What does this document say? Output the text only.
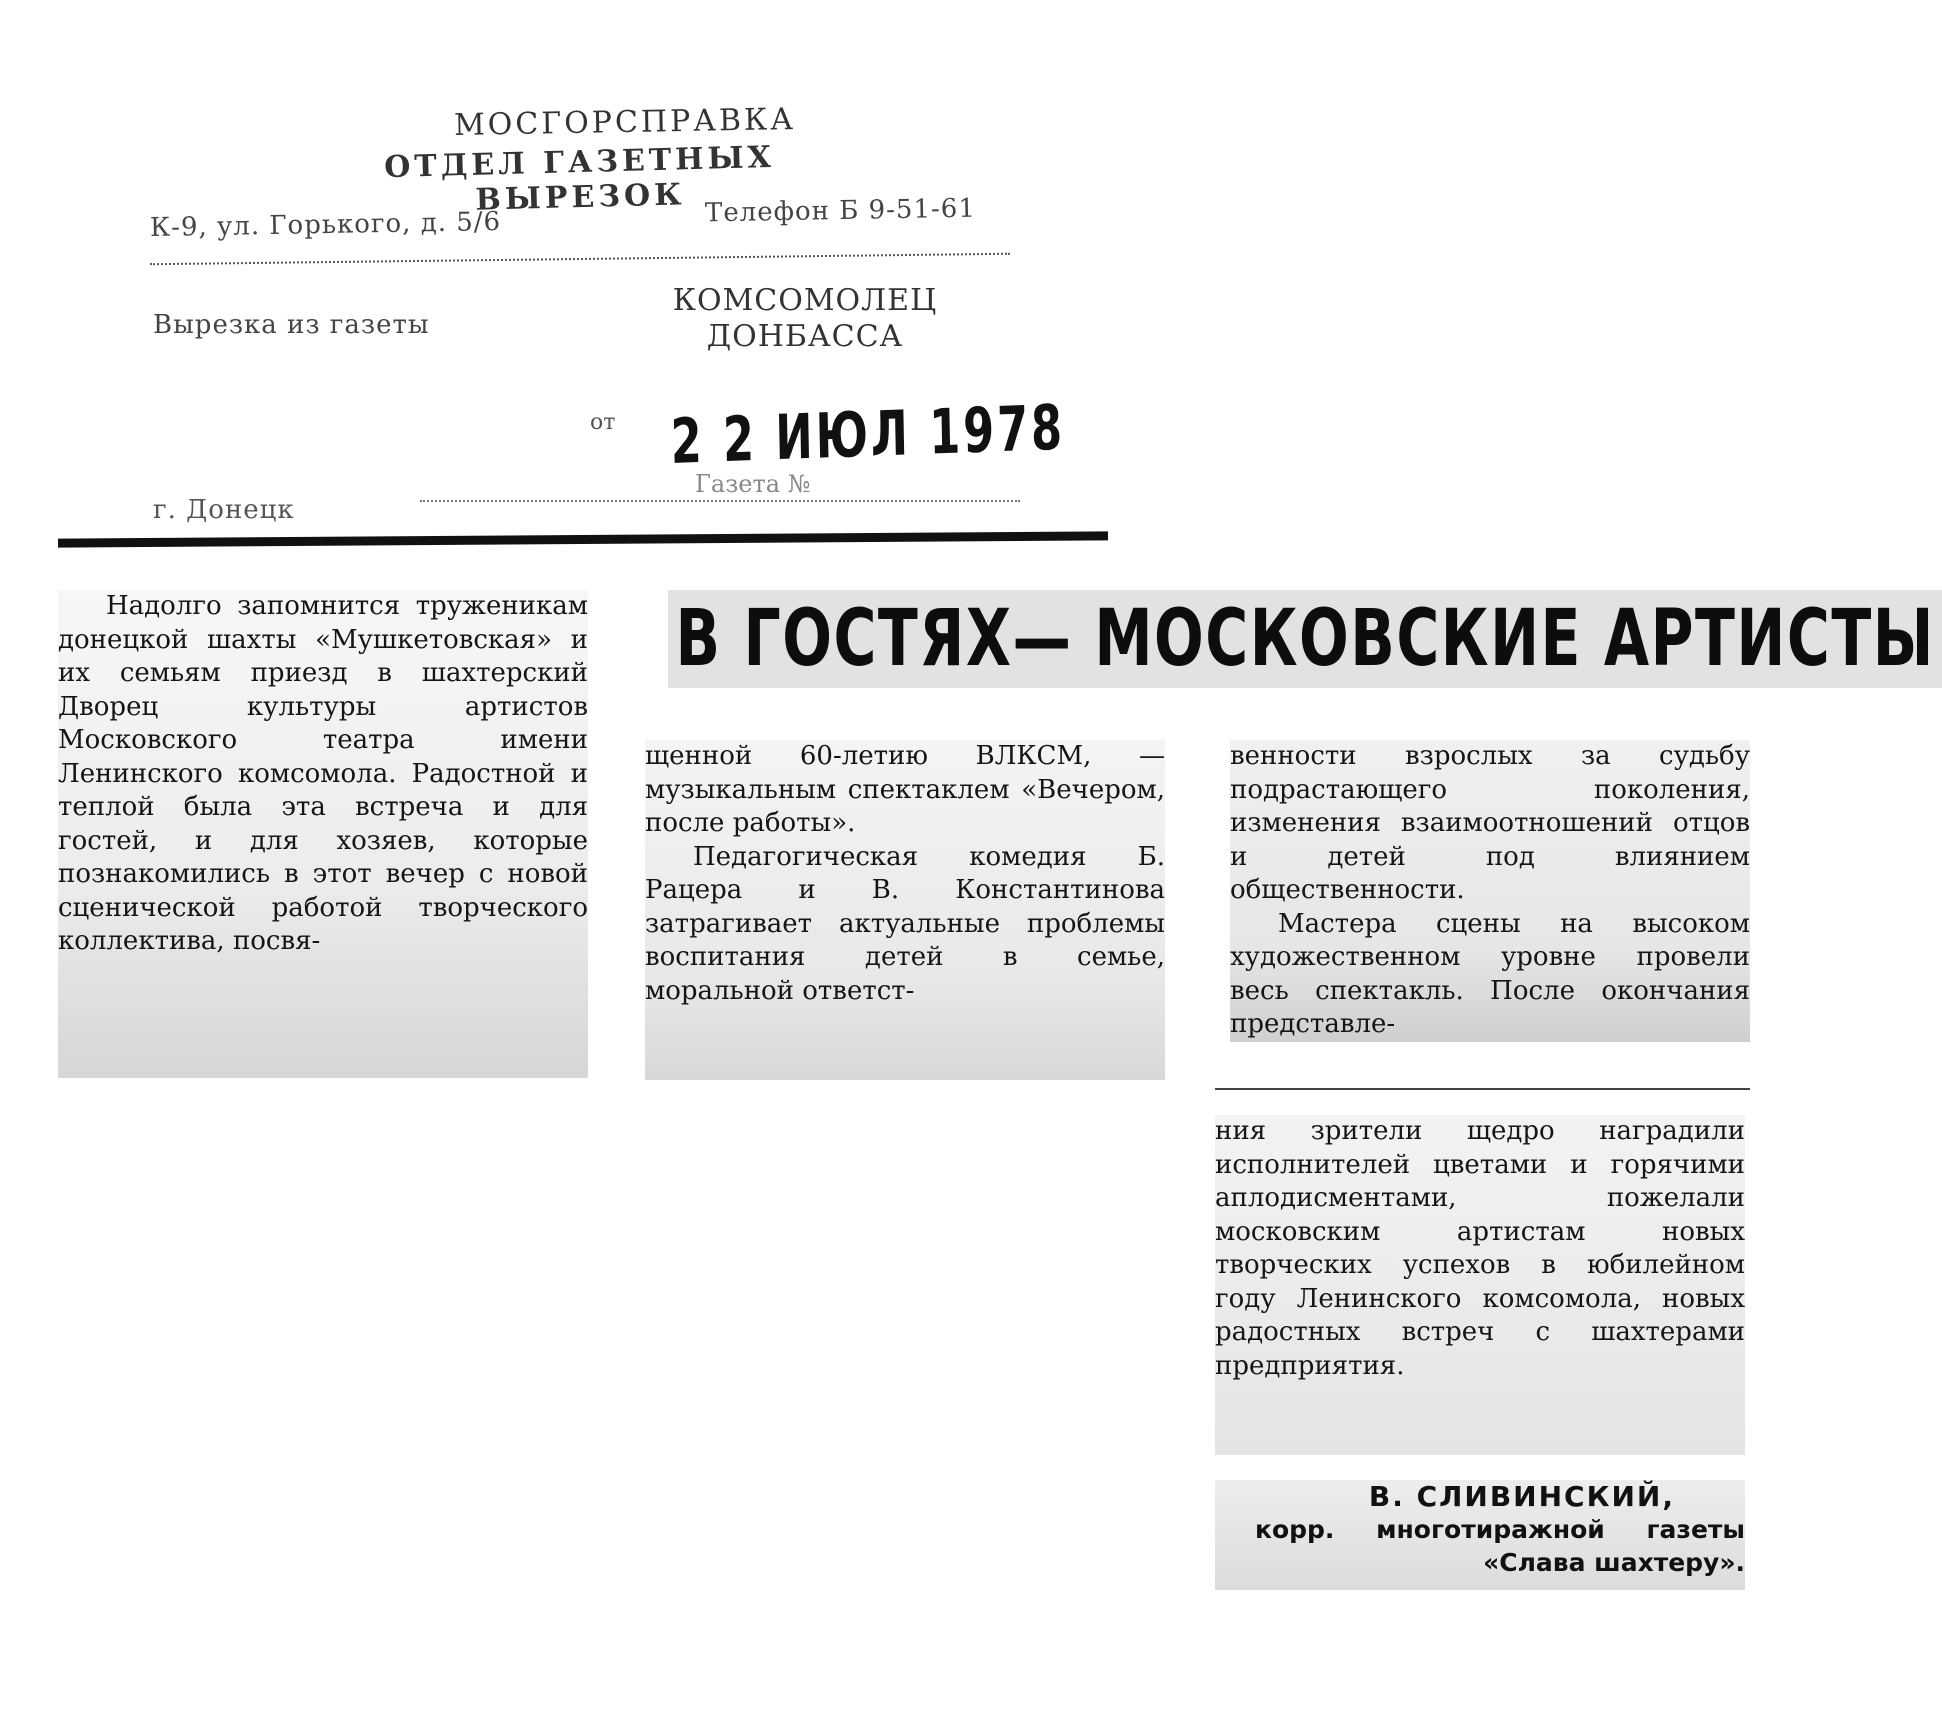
МОСГОРСПРАВКА
ОТДЕЛ ГАЗЕТНЫХ ВЫРЕЗОК
К-9, ул. Горького, д. 5/6	Телефон Б 9-51-61
Вырезка из газеты
КОМСОМОЛЕЦ
ДОНБАССА
от 2 2 ИЮЛ 1978
Газета №
г. Донецк

Надолго запомнится труженикам донецкой шахты «Мушкетовская» и их семьям приезд в шахтерский Дворец культуры артистов Московского театра имени Ленинского комсомола. Радостной и теплой была эта встреча и для гостей, и для хозяев, которые познакомились в этот вечер с новой сценической работой творческого коллектива, посвя-

В ГОСТЯХ— МОСКОВСКИЕ АРТИСТЫ

щенной 60-летию ВЛКСМ, — музыкальным спектаклем «Вечером, после работы».

Педагогическая комедия Б. Рацера и В. Константинова затрагивает актуальные проблемы воспитания детей в семье, моральной ответст-

венности взрослых за судьбу подрастающего поколения, изменения взаимоотношений отцов и детей под влиянием общественности.

Мастера сцены на высоком художественном уровне провели весь спектакль. После окончания представле-

ния зрители щедро наградили исполнителей цветами и горячими аплодисментами, пожелали московским артистам новых творческих успехов в юбилейном году Ленинского комсомола, новых радостных встреч с шахтерами предприятия.

В. СЛИВИНСКИЙ,
корр. многотиражной газеты «Слава шахтеру».
